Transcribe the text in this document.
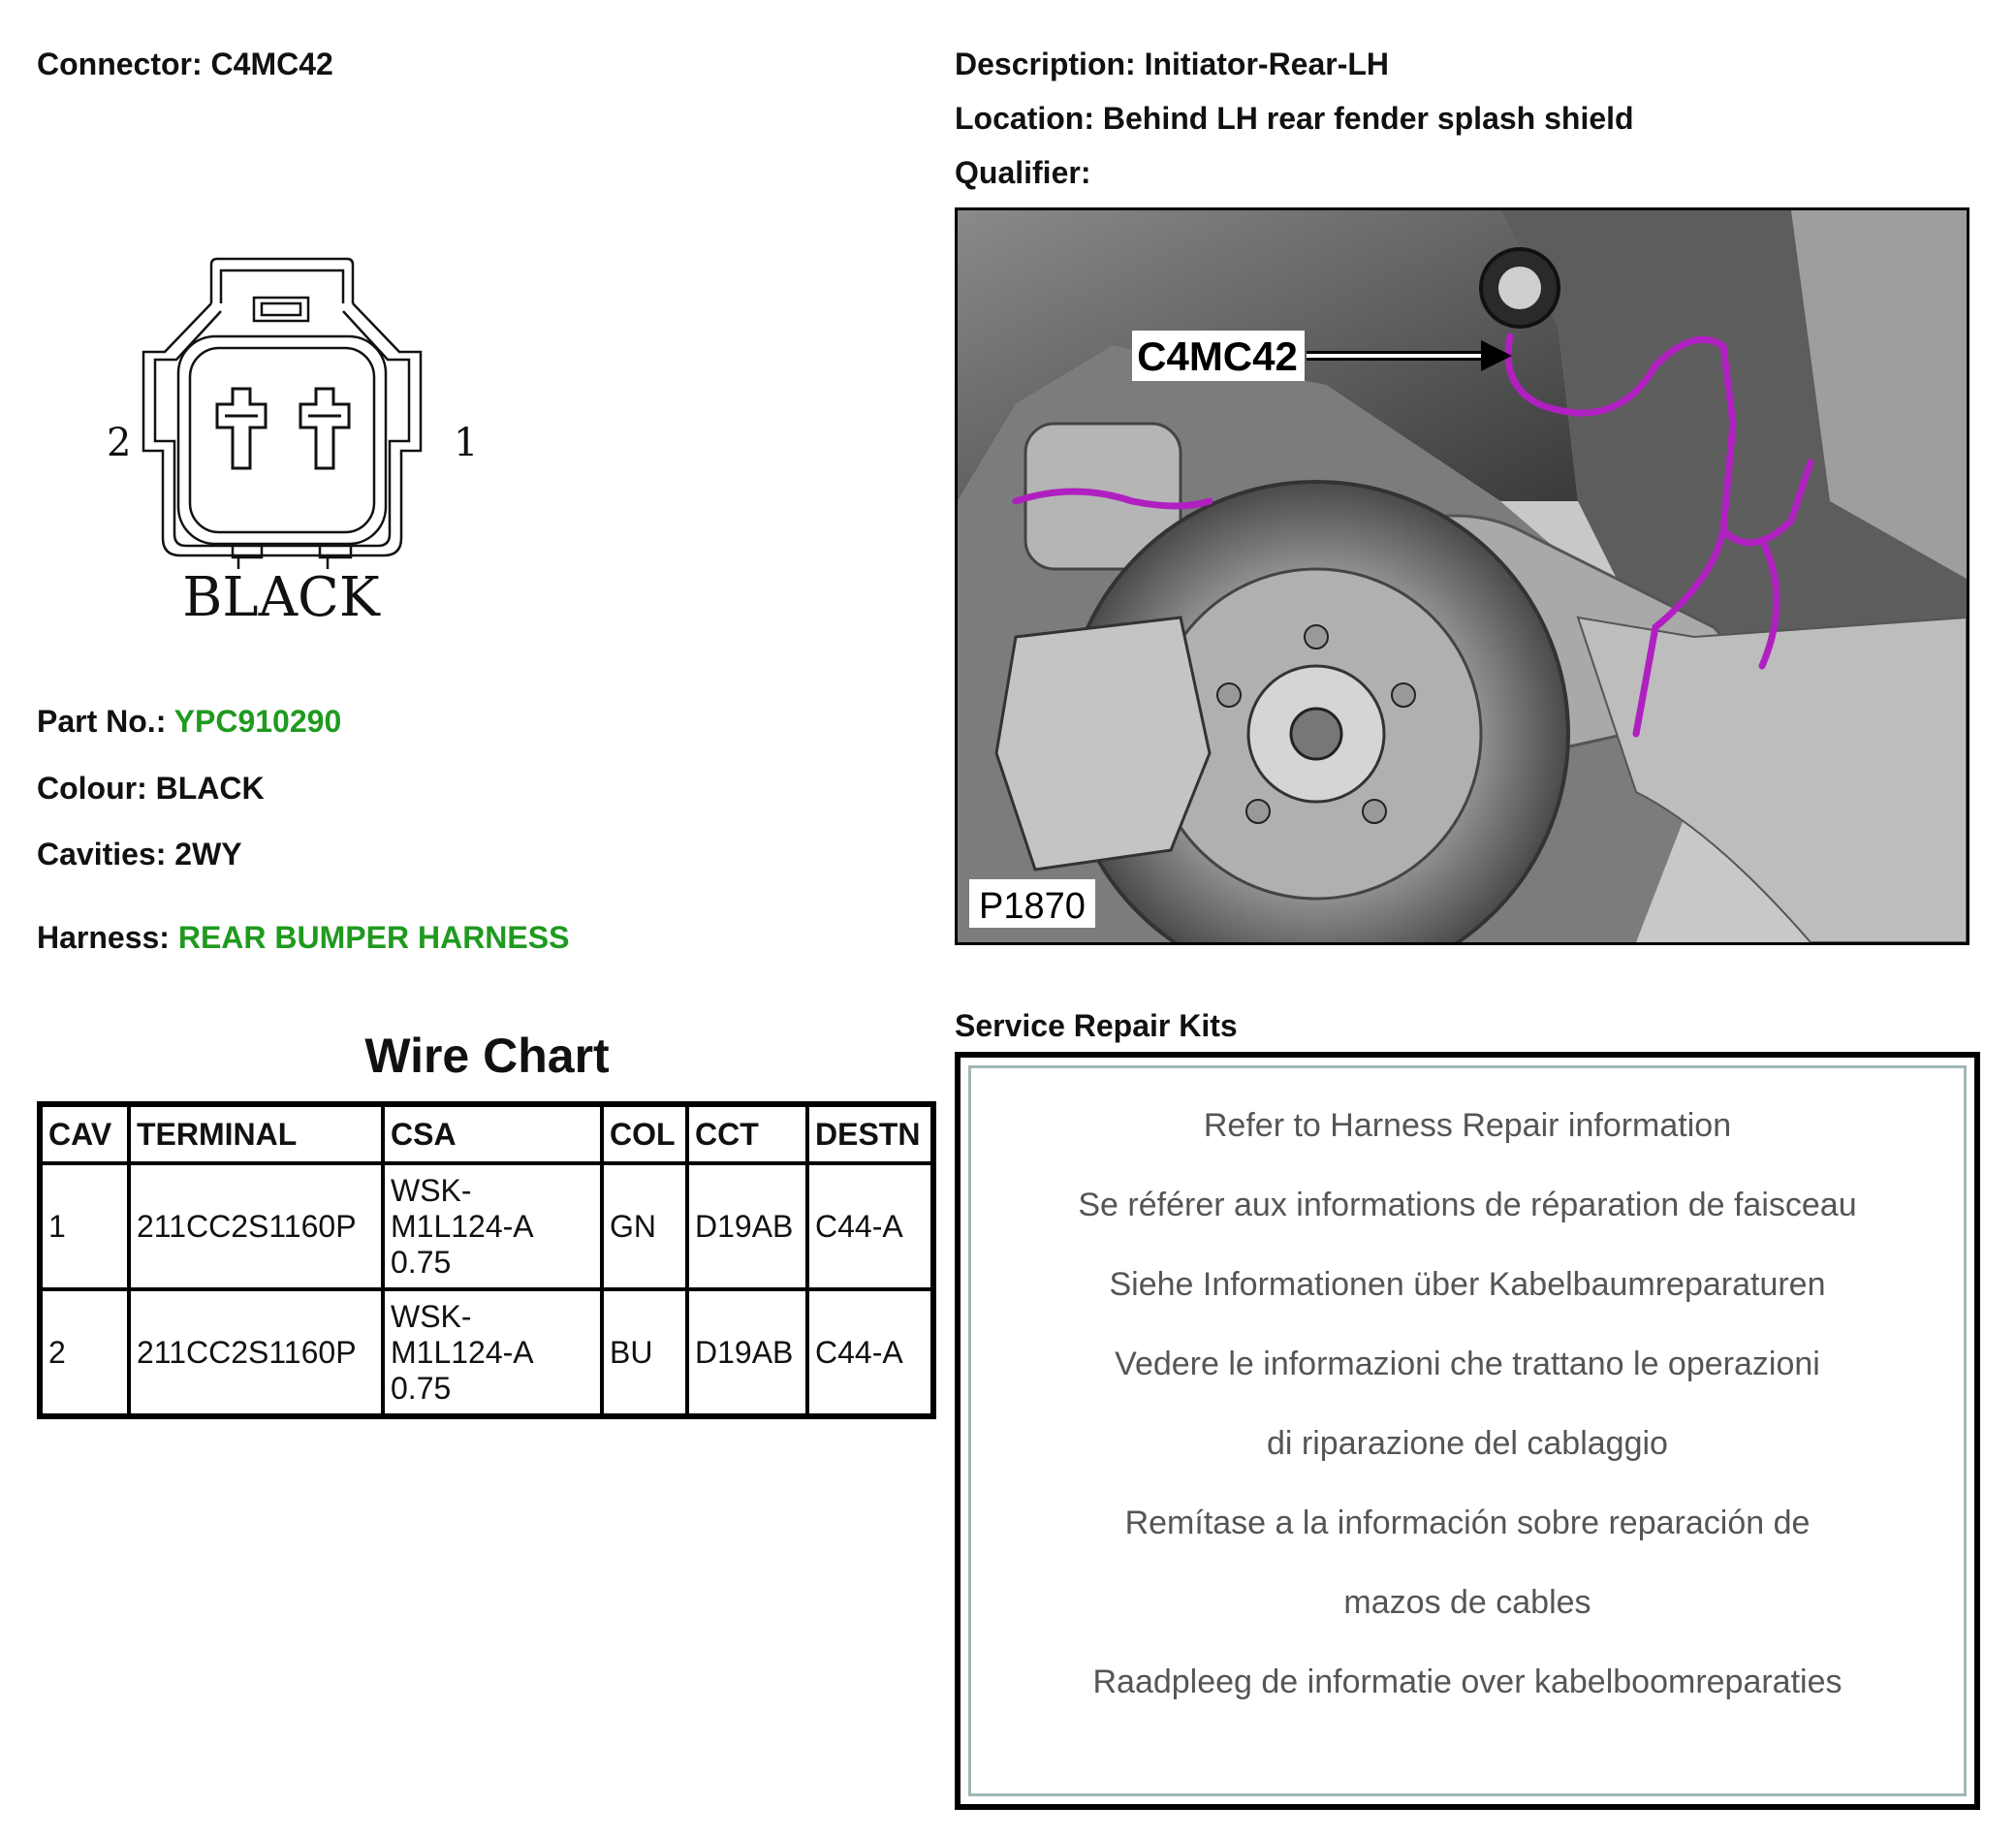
Connector: C4MC42	Description: Initiator-Rear-LH
Location: Behind LH rear fender splash shield
Qualifier:
2	1
BLACK
Part No.: YPC910290
Colour: BLACK
Cavities: 2WY
Harness: REAR BUMPER HARNESS
Wire Chart
CAV	TERMINAL	CSA	COL	CCT	DESTN
1	211CC2S1160P	WSK-
M1L124-A
0.75	GN	D19AB	C44-A
2	211CC2S1160P	WSK-
M1L124-A
0.75	BU	D19AB	C44-A
C4MC42
P1870
Service Repair Kits
Refer to Harness Repair information
Se référer aux informations de réparation de faisceau
Siehe Informationen über Kabelbaumreparaturen
Vedere le informazioni che trattano le operazioni
di riparazione del cablaggio
Remítase a la información sobre reparación de
mazos de cables
Raadpleeg de informatie over kabelboomreparaties
